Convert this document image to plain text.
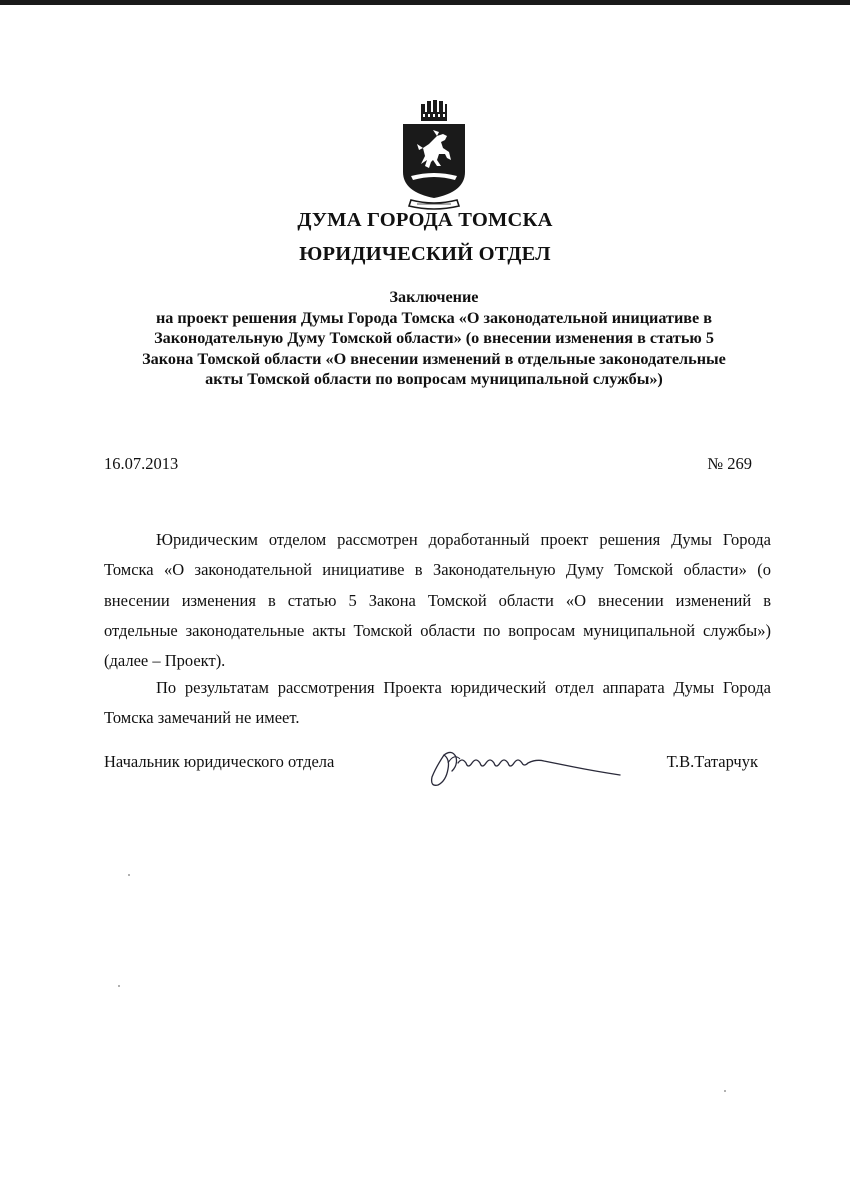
ДУМА ГОРОДА ТОМСКА
ЮРИДИЧЕСКИЙ ОТДЕЛ
Заключение
на проект решения Думы Города Томска «О законодательной инициативе в
Законодательную Думу Томской области» (о внесении изменения в статью 5
Закона Томской области «О внесении изменений в отдельные законодательные
акты Томской области по вопросам муниципальной службы»)
16.07.2013	№ 269
Юридическим отделом рассмотрен доработанный проект решения Думы Города
Томска «О законодательной инициативе в Законодательную Думу Томской области» (о
внесении изменения в статью 5 Закона Томской области «О внесении изменений в
отдельные законодательные акты Томской области по вопросам муниципальной службы»)
(далее – Проект).
По результатам рассмотрения Проекта юридический отдел аппарата Думы Города
Томска замечаний не имеет.
Начальник юридического отдела	Т.В.Татарчук
